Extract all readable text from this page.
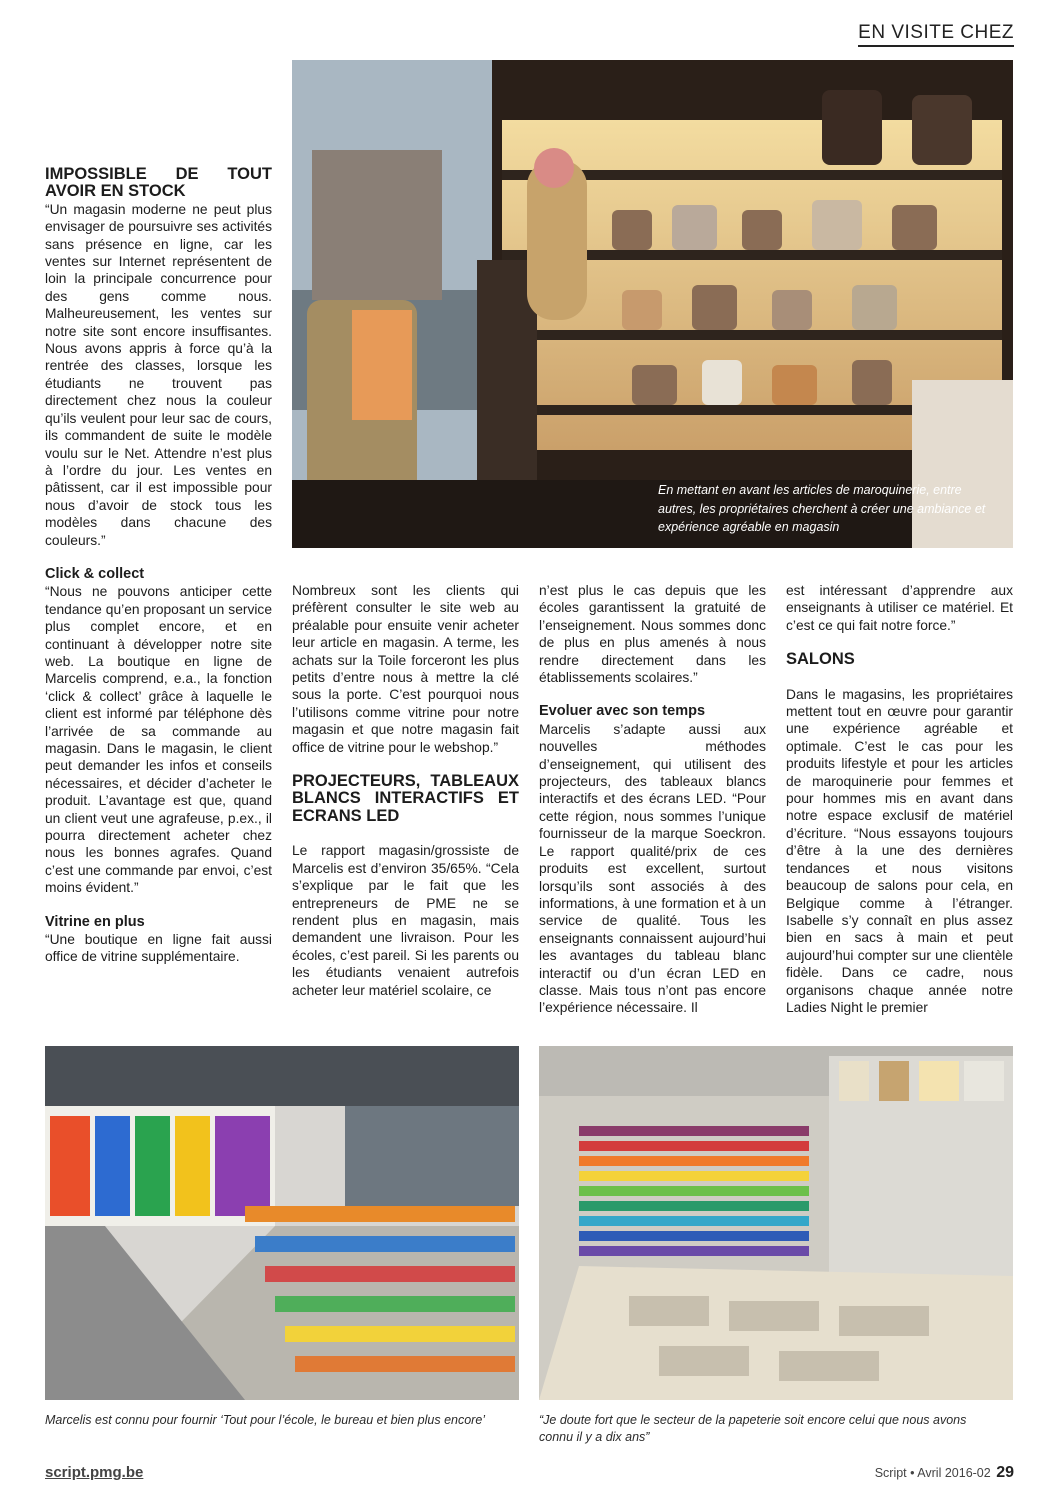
EN VISITE CHEZ
En mettant en avant les articles de maroquinerie, entre autres, les propriétaires cherchent à créer une ambiance et expérience agréable en magasin
IMPOSSIBLE DE TOUT AVOIR EN STOCK

“Un magasin moderne ne peut plus envisager de poursuivre ses activités sans présence en ligne, car les ventes sur Internet représentent de loin la principale concurrence pour des gens comme nous. Malheureusement, les ventes sur notre site sont encore insuffisantes. Nous avons appris à force qu’à la rentrée des classes, lorsque les étudiants ne trouvent pas directement chez nous la couleur qu’ils veulent pour leur sac de cours, ils commandent de suite le modèle voulu sur le Net. Attendre n’est plus à l’ordre du jour. Les ventes en pâtissent, car il est impossible pour nous d’avoir de stock tous les modèles dans chacune des couleurs.”

Click & collect

“Nous ne pouvons anticiper cette tendance qu’en proposant un service plus complet encore, et en continuant à développer notre site web. La boutique en ligne de Marcelis comprend, e.a., la fonction ‘click & collect’ grâce à laquelle le client est informé par téléphone dès l’arrivée de sa commande au magasin. Dans le magasin, le client peut demander les infos et conseils nécessaires, et décider d’acheter le produit. L’avantage est que, quand un client veut une agrafeuse, p.ex., il pourra directement acheter chez nous les bonnes agrafes. Quand c’est une commande par envoi, c’est moins évident.”

Vitrine en plus

“Une boutique en ligne fait aussi office de vitrine supplémentaire.

Nombreux sont les clients qui préfèrent consulter le site web au préalable pour ensuite venir acheter leur article en magasin. A terme, les achats sur la Toile forceront les plus petits d’entre nous à mettre la clé sous la porte. C’est pourquoi nous l’utilisons comme vitrine pour notre magasin et que notre magasin fait office de vitrine pour le webshop.”

PROJECTEURS, TABLEAUX BLANCS INTERACTIFS ET ECRANS LED

Le rapport magasin/grossiste de Marcelis est d’environ 35/65%. “Cela s’explique par le fait que les entrepreneurs de PME ne se rendent plus en magasin, mais demandent une livraison. Pour les écoles, c’est pareil. Si les parents ou les étudiants venaient autrefois acheter leur matériel scolaire, ce

n’est plus le cas depuis que les écoles garantissent la gratuité de l’enseignement. Nous sommes donc de plus en plus amenés à nous rendre directement dans les établissements scolaires.”

Evoluer avec son temps

Marcelis s’adapte aussi aux nouvelles méthodes d’enseignement, qui utilisent des projecteurs, des tableaux blancs interactifs et des écrans LED. “Pour cette région, nous sommes l’unique fournisseur de la marque Soeckron. Le rapport qualité/prix de ces produits est excellent, surtout lorsqu’ils sont associés à des informations, à une formation et à un service de qualité. Tous les enseignants connaissent aujourd’hui les avantages du tableau blanc interactif ou d’un écran LED en classe. Mais tous n’ont pas encore l’expérience nécessaire. Il

est intéressant d’apprendre aux enseignants à utiliser ce matériel. Et c’est ce qui fait notre force.”

SALONS

Dans le magasins, les propriétaires mettent tout en œuvre pour garantir une expérience agréable et optimale. C’est le cas pour les produits lifestyle et pour les articles de maroquinerie pour femmes et pour hommes mis en avant dans notre espace exclusif de matériel d’écriture. “Nous essayons toujours d’être à la une des dernières tendances et nous visitons beaucoup de salons pour cela, en Belgique comme à l’étranger. Isabelle s’y connaît en plus assez bien en sacs à main et peut aujourd’hui compter sur une clientèle fidèle. Dans ce cadre, nous organisons chaque année notre Ladies Night le premier

Marcelis est connu pour fournir ‘Tout pour l’école, le bureau et bien plus encore’	“Je doute fort que le secteur de la papeterie soit encore celui que nous avons connu il y a dix ans”
script.pmg.be	Script • Avril 2016-02 29
